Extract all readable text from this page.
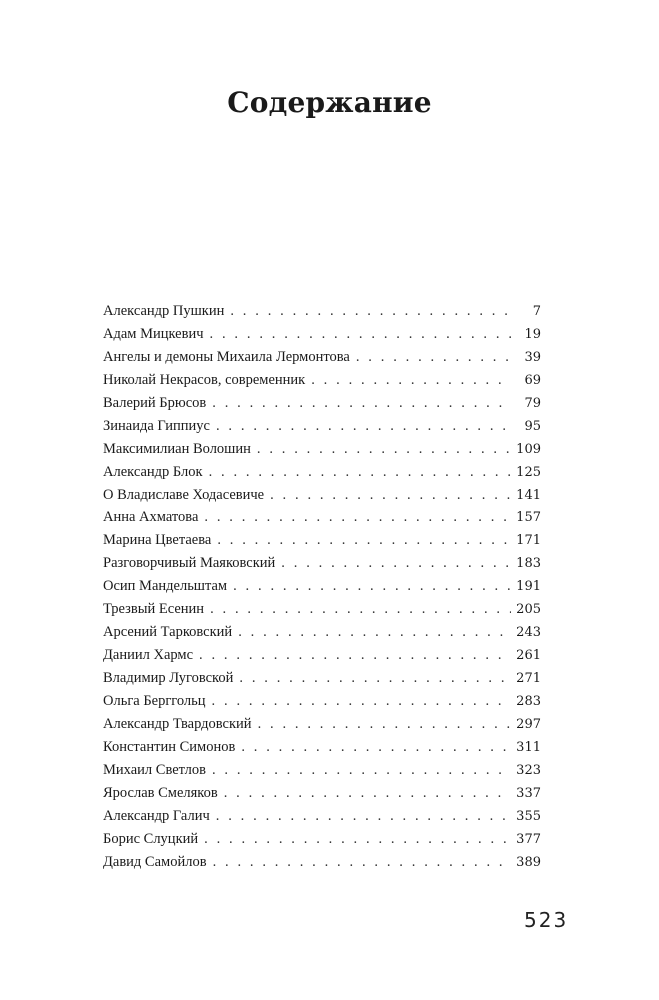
Содержание
Александр Пушкин . . .	7
Адам Мицкевич . . .	19
Ангелы и демоны Михаила Лермонтова . . .	39
Николай Некрасов, современник . . .	69
Валерий Брюсов . . .	79
Зинаида Гиппиус . . .	95
Максимилиан Волошин . . .	109
Александр Блок . . .	125
О Владиславе Ходасевиче . . .	141
Анна Ахматова . . .	157
Марина Цветаева . . .	171
Разговорчивый Маяковский . . .	183
Осип Мандельштам . . .	191
Трезвый Есенин . . .	205
Арсений Тарковский . . .	243
Даниил Хармс . . .	261
Владимир Луговской . . .	271
Ольга Берггольц . . .	283
Александр Твардовский . . .	297
Константин Симонов . . .	311
Михаил Светлов . . .	323
Ярослав Смеляков . . .	337
Александр Галич . . .	355
Борис Слуцкий . . .	377
Давид Самойлов . . .	389
523
